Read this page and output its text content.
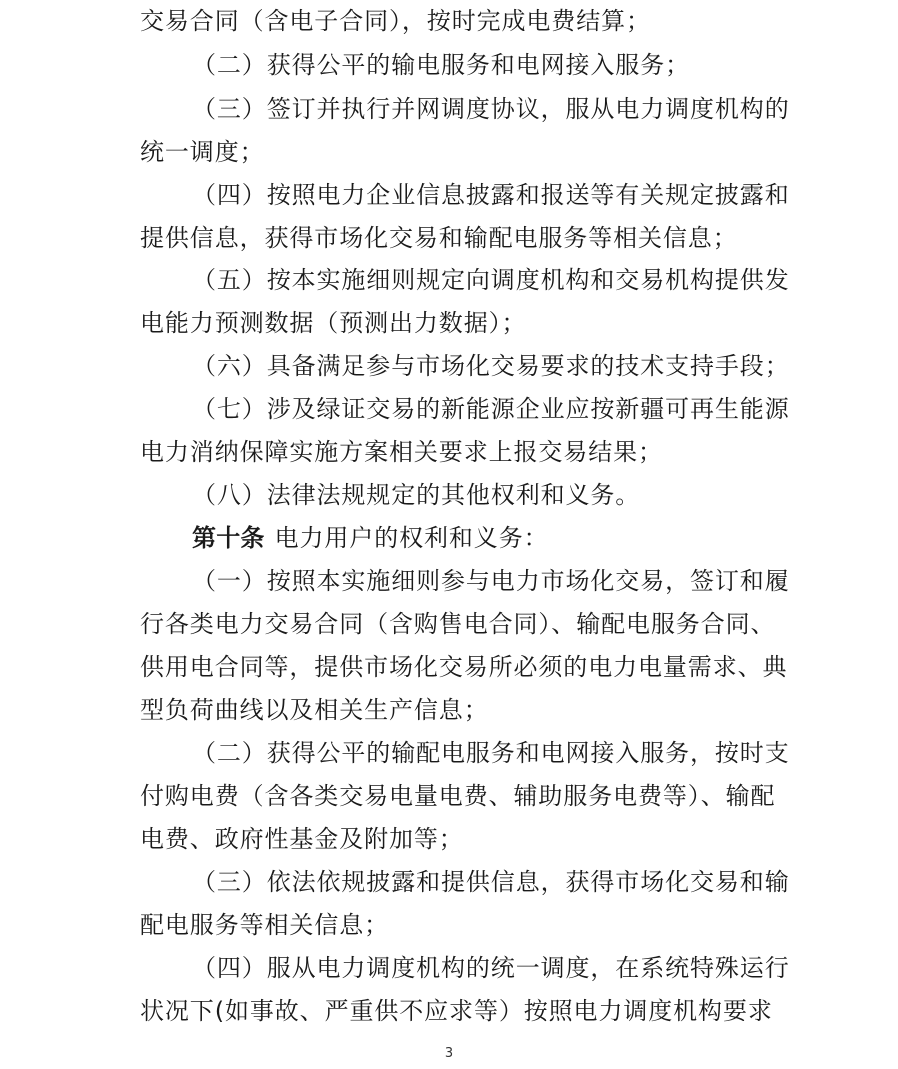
交易合同（含电子合同），按时完成电费结算；
（二）获得公平的输电服务和电网接入服务；
（三）签订并执行并网调度协议，服从电力调度机构的
统一调度；
（四）按照电力企业信息披露和报送等有关规定披露和
提供信息，获得市场化交易和输配电服务等相关信息；
（五）按本实施细则规定向调度机构和交易机构提供发
电能力预测数据（预测出力数据）；
（六）具备满足参与市场化交易要求的技术支持手段；
（七）涉及绿证交易的新能源企业应按新疆可再生能源
电力消纳保障实施方案相关要求上报交易结果；
（八）法律法规规定的其他权利和义务。
第十条 电力用户的权利和义务：
（一）按照本实施细则参与电力市场化交易，签订和履
行各类电力交易合同（含购售电合同）、输配电服务合同、
供用电合同等，提供市场化交易所必须的电力电量需求、典
型负荷曲线以及相关生产信息；
（二）获得公平的输配电服务和电网接入服务，按时支
付购电费（含各类交易电量电费、辅助服务电费等）、输配
电费、政府性基金及附加等；
（三）依法依规披露和提供信息，获得市场化交易和输
配电服务等相关信息；
（四）服从电力调度机构的统一调度，在系统特殊运行
状况下(如事故、严重供不应求等）按照电力调度机构要求
3
